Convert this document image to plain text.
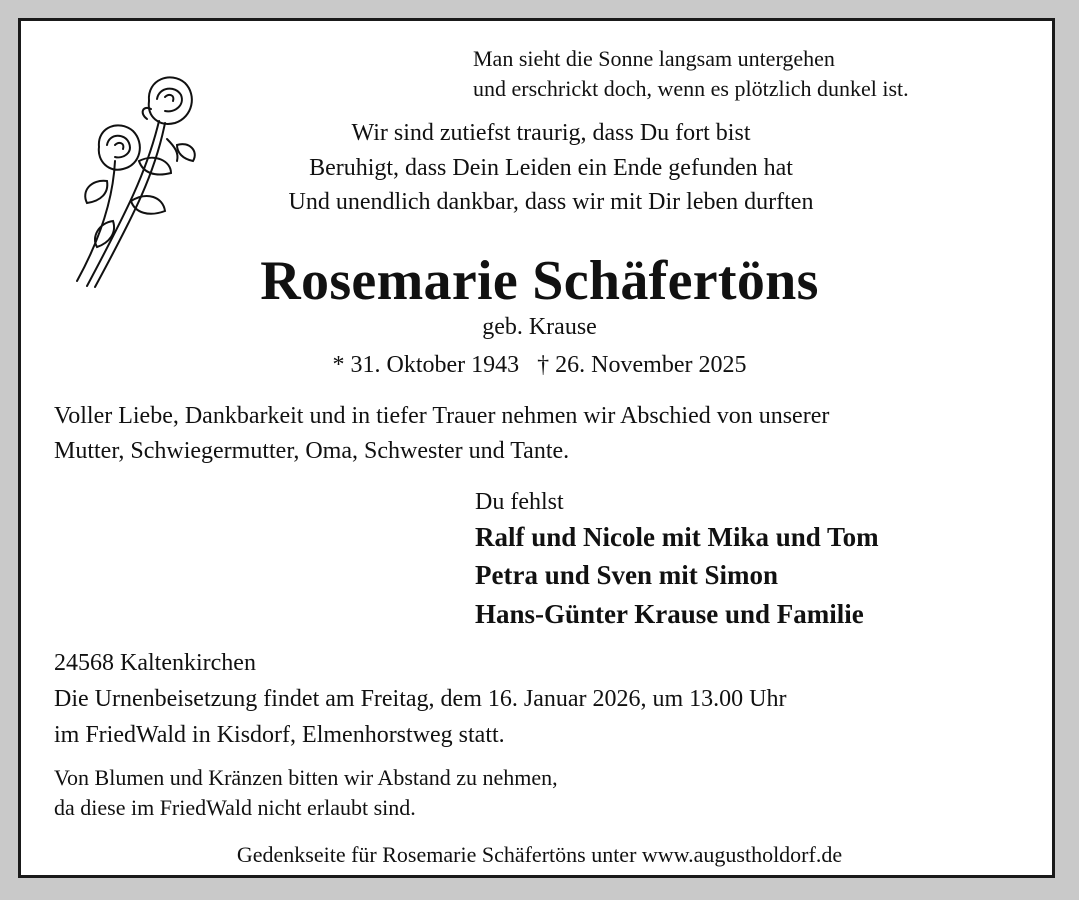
Man sieht die Sonne langsam untergehen
und erschrickt doch, wenn es plötzlich dunkel ist.
Wir sind zutiefst traurig, dass Du fort bist
Beruhigt, dass Dein Leiden ein Ende gefunden hat
Und unendlich dankbar, dass wir mit Dir leben durften
Rosemarie Schäfertöns
geb. Krause
* 31. Oktober 1943   † 26. November 2025
Voller Liebe, Dankbarkeit und in tiefer Trauer nehmen wir Abschied von unserer
Mutter, Schwiegermutter, Oma, Schwester und Tante.
Du fehlst
Ralf und Nicole mit Mika und Tom
Petra und Sven mit Simon
Hans-Günter Krause und Familie
24568 Kaltenkirchen
Die Urnenbeisetzung findet am Freitag, dem 16. Januar 2026, um 13.00 Uhr
im FriedWald in Kisdorf, Elmenhorstweg statt.
Von Blumen und Kränzen bitten wir Abstand zu nehmen,
da diese im FriedWald nicht erlaubt sind.
Gedenkseite für Rosemarie Schäfertöns unter www.augustholdorf.de
